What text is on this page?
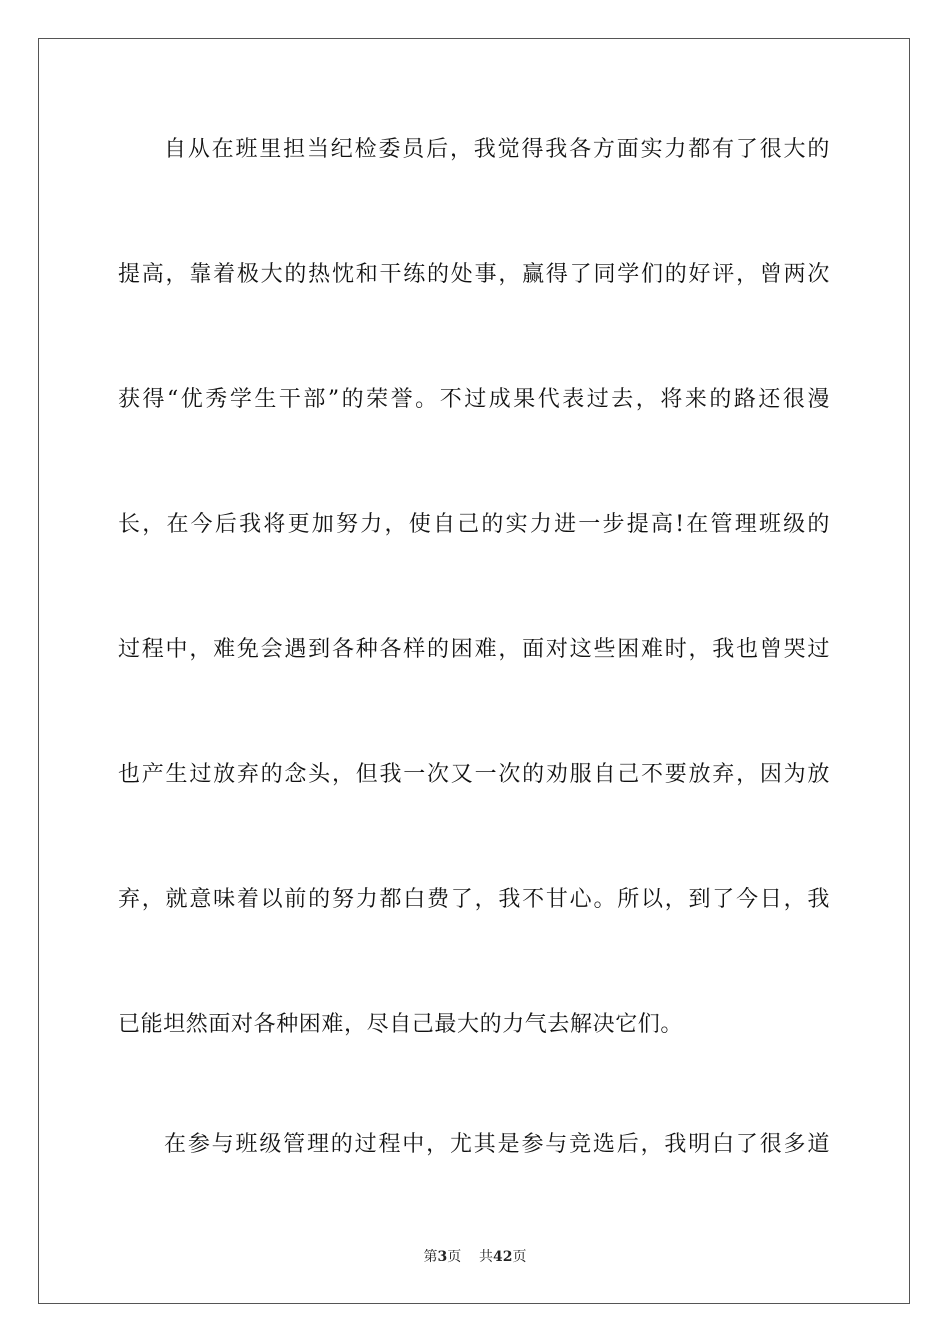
自从在班里担当纪检委员后，我觉得我各方面实力都有了很大的
提高，靠着极大的热忱和干练的处事，赢得了同学们的好评，曾两次
获得“优秀学生干部”的荣誉。不过成果代表过去，将来的路还很漫
长，在今后我将更加努力，使自己的实力进一步提高!在管理班级的
过程中，难免会遇到各种各样的困难，面对这些困难时，我也曾哭过
也产生过放弃的念头，但我一次又一次的劝服自己不要放弃，因为放
弃，就意味着以前的努力都白费了，我不甘心。所以，到了今日，我
已能坦然面对各种困难，尽自己最大的力气去解决它们。
在参与班级管理的过程中，尤其是参与竞选后，我明白了很多道
第3页 共42页
